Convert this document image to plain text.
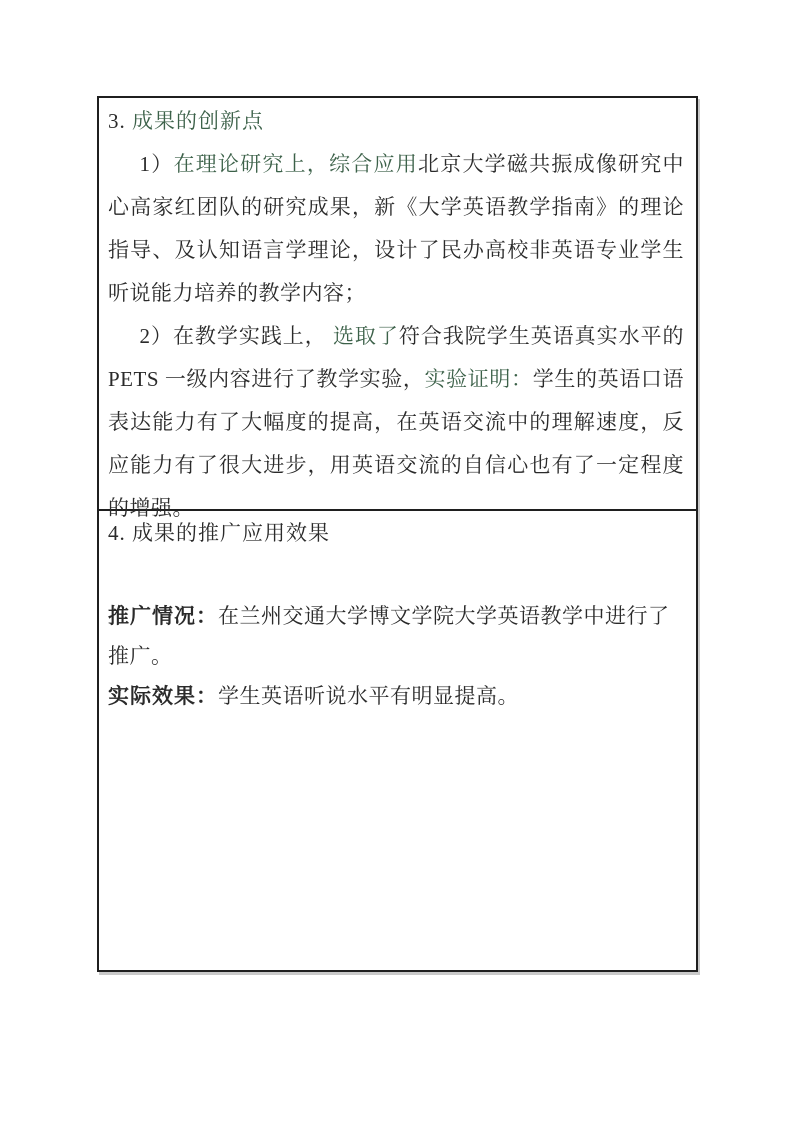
3. 成果的创新点

1）在理论研究上，综合应用北京大学磁共振成像研究中心高家红团队的研究成果，新《大学英语教学指南》的理论指导、及认知语言学理论，设计了民办高校非英语专业学生听说能力培养的教学内容；

2）在教学实践上， 选取了符合我院学生英语真实水平的 PETS 一级内容进行了教学实验，实验证明：学生的英语口语表达能力有了大幅度的提高，在英语交流中的理解速度，反应能力有了很大进步，用英语交流的自信心也有了一定程度的增强。

4. 成果的推广应用效果

推广情况：在兰州交通大学博文学院大学英语教学中进行了推广。

实际效果：学生英语听说水平有明显提高。
